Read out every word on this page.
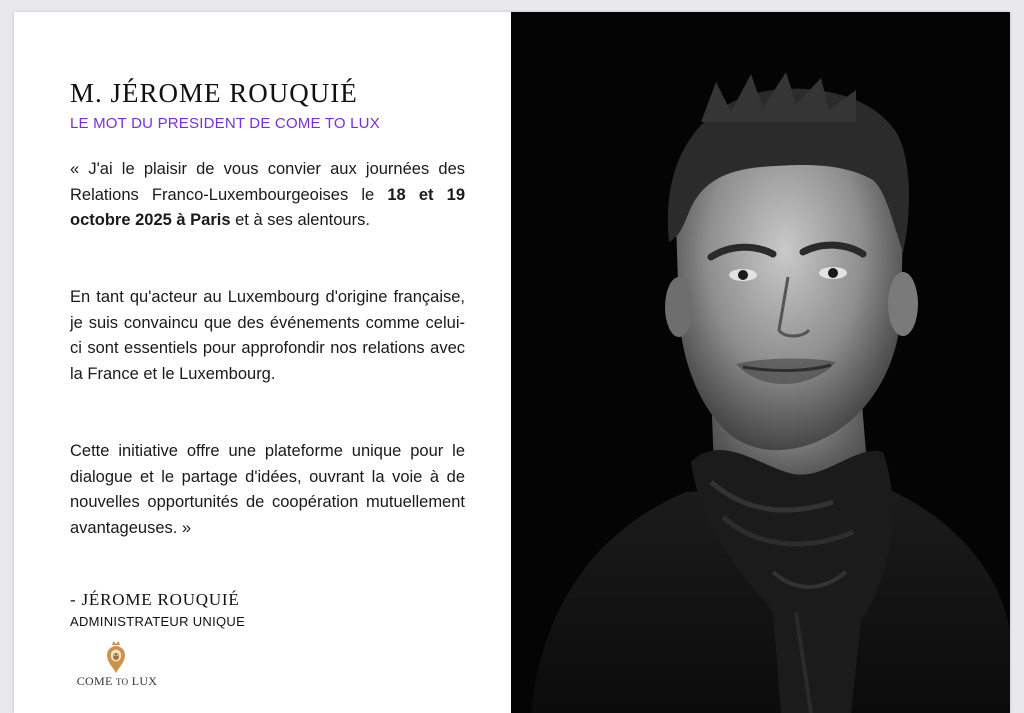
M. JÉROME ROUQUIÉ

LE MOT DU PRESIDENT DE COME TO LUX

« J'ai le plaisir de vous convier aux journées des Relations Franco-Luxembourgeoises le 18 et 19 octobre 2025 à Paris et à ses alentours.

En tant qu'acteur au Luxembourg d'origine française, je suis convaincu que des événements comme celui-ci sont essentiels pour approfondir nos relations avec la France et le Luxembourg.

Cette initiative offre une plateforme unique pour le dialogue et le partage d'idées, ouvrant la voie à de nouvelles opportunités de coopération mutuellement avantageuses. »

- JÉROME ROUQUIÉ

ADMINISTRATEUR UNIQUE

COME TO LUX
